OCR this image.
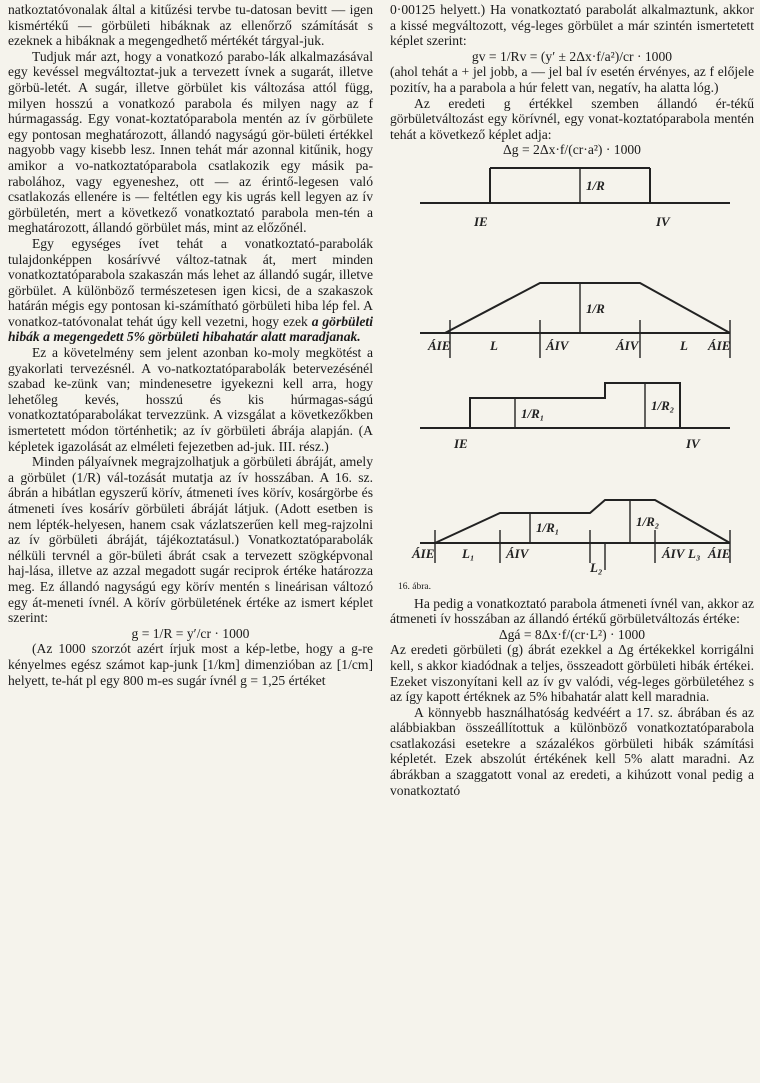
natkoztatóvonalak által a kitűzési tervbe tu-datosan bevitt — igen kismértékű — görbületi hibáknak az ellenőrző számítását s ezeknek a hibáknak a megengedhető mértékét tárgyal-juk.

Tudjuk már azt, hogy a vonatkozó parabo-lák alkalmazásával egy kevéssel megváltoztat-juk a tervezett ívnek a sugarát, illetve görbü-letét. A sugár, illetve görbület kis változása attól függ, milyen hosszú a vonatkozó parabola és milyen nagy az f húrmagasság. Egy vonat-koztatóparabola mentén az ív görbülete egy pontosan meghatározott, állandó nagyságú gör-bületi értékkel nagyobb vagy kisebb lesz. Innen tehát már azonnal kitűnik, hogy amikor a vo-natkoztatóparabola csatlakozik egy másik pa-rabolához, vagy egyeneshez, ott — az érintő-legesen való csatlakozás ellenére is — feltétlen egy kis ugrás kell legyen az ív görbületén, mert a következő vonatkoztató parabola men-tén a meghatározott, állandó görbület más, mint az előzőnél.

Egy egységes ívet tehát a vonatkoztató-parabolák tulajdonképpen kosárívvé változ-tatnak át, mert minden vonatkoztatóparabola szakaszán más lehet az állandó sugár, illetve görbület. A különböző természetesen igen kicsi, de a szakaszok határán mégis egy pontosan ki-számítható görbületi hiba lép fel. A vonatkoz-tatóvonalat tehát úgy kell vezetni, hogy ezek a görbületi hibák a megengedett 5% görbületi hibahatár alatt maradjanak.

Ez a követelmény sem jelent azonban ko-moly megkötést a gyakorlati tervezésnél. A vo-natkoztatóparabolák betervezésénél szabad ke-zünk van; mindenesetre igyekezni kell arra, hogy lehetőleg kevés, hosszú és kis húrmagas-ságú vonatkoztatóparabolákat tervezzünk. A vizsgálat a következőkben ismertetett módon történhetik; az ív görbületi ábrája alapján. (A képletek igazolását az elméleti fejezetben ad-juk. III. rész.)

Minden pályaívnek megrajzolhatjuk a görbületi ábráját, amely a görbület (1/R) vál-tozását mutatja az ív hosszában. A 16. sz. ábrán a hibátlan egyszerű körív, átmeneti íves körív, kosárgörbe és átmeneti íves kosárív görbületi ábráját látjuk. (Adott esetben is nem lépték-helyesen, hanem csak vázlatszerűen kell meg-rajzolni az ív görbületi ábráját, tájékoztatásul.) Vonatkoztatóparabolák nélküli tervnél a gör-bületi ábrát csak a tervezett szögképvonal haj-lása, illetve az azzal megadott sugár reciprok értéke határozza meg. Ez állandó nagyságú egy körív mentén s lineárisan változó egy át-meneti ívnél. A körív görbületének értéke az ismert képlet szerint:

g = 1/R = y′/cr · 1000

(Az 1000 szorzót azért írjuk most a kép-letbe, hogy a g-re kényelmes egész számot kap-junk [1/km] dimenzióban az [1/cm] helyett, te-hát pl egy 800 m-es sugár ívnél g = 1,25 értéket

0·00125 helyett.) Ha vonatkoztató parabolát alkalmaztunk, akkor a kissé megváltozott, vég-leges görbület a már szintén ismertetett képlet szerint:

gv = 1/Rv = (y′ ± 2Δx·f/a²)/cr · 1000

(ahol tehát a + jel jobb, a — jel bal ív esetén érvényes, az f előjele pozitív, ha a parabola a húr felett van, negatív, ha alatta lóg.)

Az eredeti g értékkel szemben állandó ér-tékű görbületváltozást egy körívnél, egy vonat-koztatóparabola mentén tehát a következő képlet adja:

Δg = 2Δx·f/(cr·a²) · 1000

1/R
1/R
1/R₁
1/R₂
1/R₁	1/R₂
IE	IV
ÁIE	L	ÁIV	ÁIV	L ÁIE
IE	IV
ÁIE L₁ ÁIV
L₂
ÁIV L₃ ÁIE
16. ábra.

Ha pedig a vonatkoztató parabola átmeneti ívnél van, akkor az átmeneti ív hosszában az állandó értékű görbületváltozás értéke:

Δgá = 8Δx·f/(cr·L²) · 1000

Az eredeti görbületi (g) ábrát ezekkel a Δg értékekkel korrigálni kell, s akkor kiadódnak a teljes, összeadott görbületi hibák értékei. Ezeket viszonyítani kell az ív gv valódi, vég-leges görbületéhez s az így kapott értéknek az 5% hibahatár alatt kell maradnia.

A könnyebb használhatóság kedvéért a 17. sz. ábrában és az alábbiakban összeállítottuk a különböző vonatkoztatóparabola csatlakozási esetekre a százalékos görbületi hibák számítási képletét. Ezek abszolút értékének kell 5% alatt maradni. Az ábrákban a szaggatott vonal az eredeti, a kihúzott vonal pedig a vonatkoztató
